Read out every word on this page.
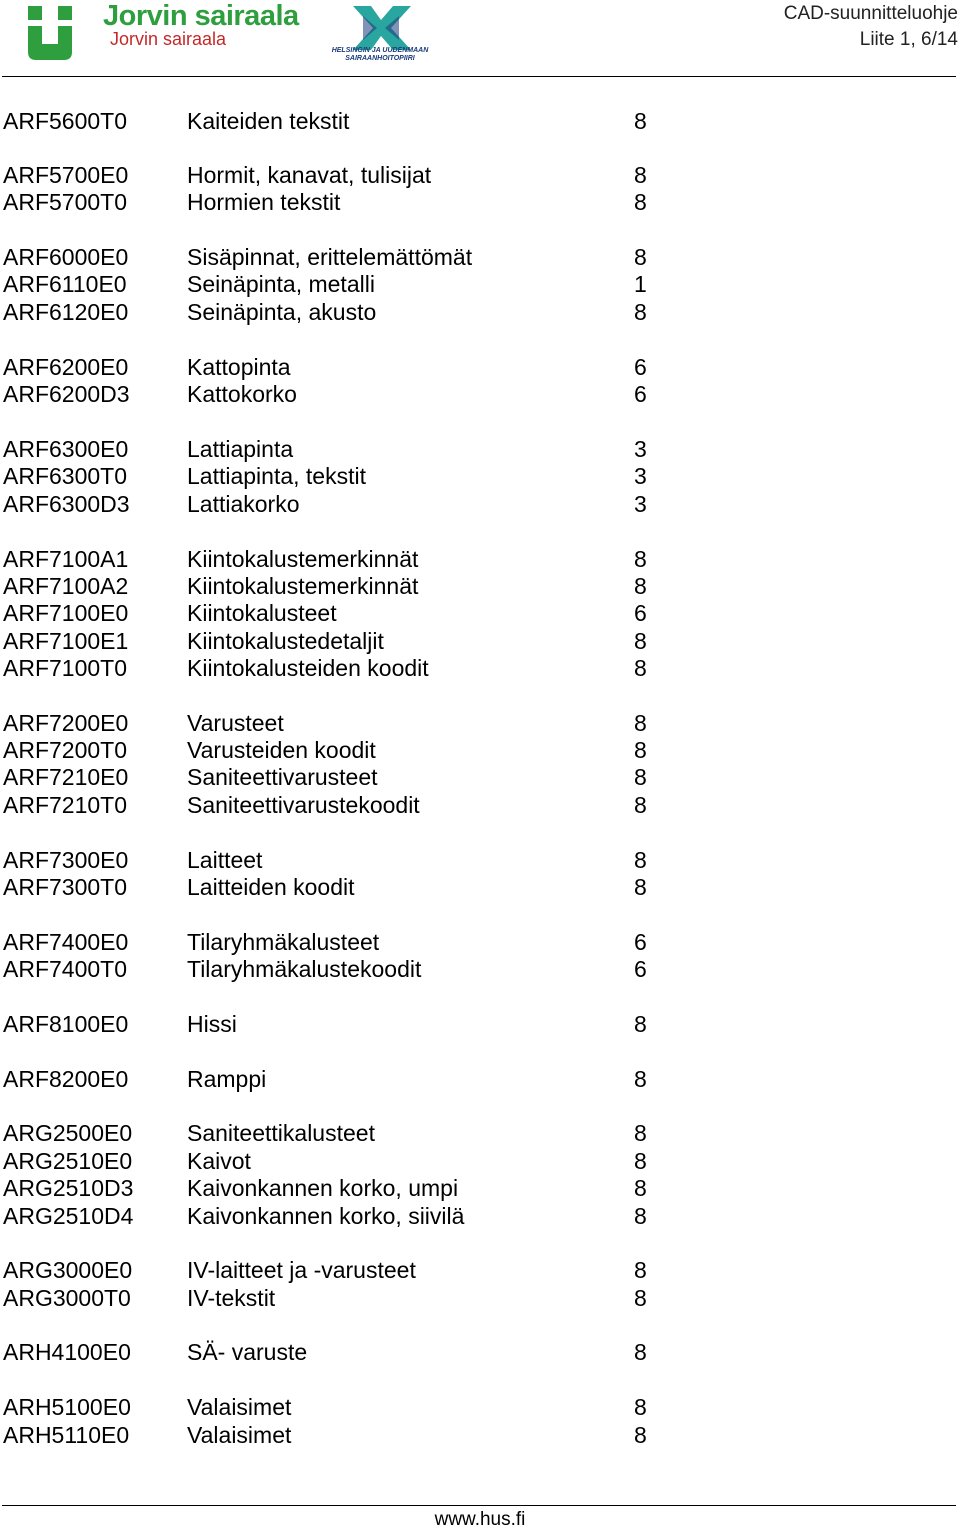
Jorvin sairaala
Jorvin sairaala
HELSINGIN JA UUDENMAAN SAIRAANHOITOPIIRI
CAD-suunnitteluohje
Liite 1, 6/14
ARF5600T0	Kaiteiden tekstit	8
ARF5700E0	Hormit, kanavat, tulisijat	8
ARF5700T0	Hormien tekstit	8
ARF6000E0	Sisäpinnat, erittelemättömät	8
ARF6110E0	Seinäpinta, metalli	1
ARF6120E0	Seinäpinta, akusto	8
ARF6200E0	Kattopinta	6
ARF6200D3 Kattokorko	6
ARF6300E0	Lattiapinta	3
ARF6300T0	Lattiapinta, tekstit	3
ARF6300D3 Lattiakorko	3
ARF7100A1	Kiintokalustemerkinnät	8
ARF7100A2	Kiintokalustemerkinnät	8
ARF7100E0	Kiintokalusteet	6
ARF7100E1	Kiintokalustedetaljit	8
ARF7100T0	Kiintokalusteiden koodit	8
ARF7200E0	Varusteet	8
ARF7200T0	Varusteiden koodit	8
ARF7210E0	Saniteettivarusteet	8
ARF7210T0	Saniteettivarustekoodit	8
ARF7300E0	Laitteet	8
ARF7300T0	Laitteiden koodit	8
ARF7400E0	Tilaryhmäkalusteet	6
ARF7400T0	Tilaryhmäkalustekoodit	6
ARF8100E0	Hissi	8
ARF8200E0	Ramppi	8
ARG2500E0 Saniteettikalusteet	8
ARG2510E0 Kaivot	8
ARG2510D3 Kaivonkannen korko, umpi	8
ARG2510D4 Kaivonkannen korko, siivilä	8
ARG3000E0 IV-laitteet ja -varusteet	8
ARG3000T0 IV-tekstit	8
ARH4100E0 SÄ- varuste	8
ARH5100E0 Valaisimet	8
ARH5110E0	Valaisimet	8
www.hus.fi
